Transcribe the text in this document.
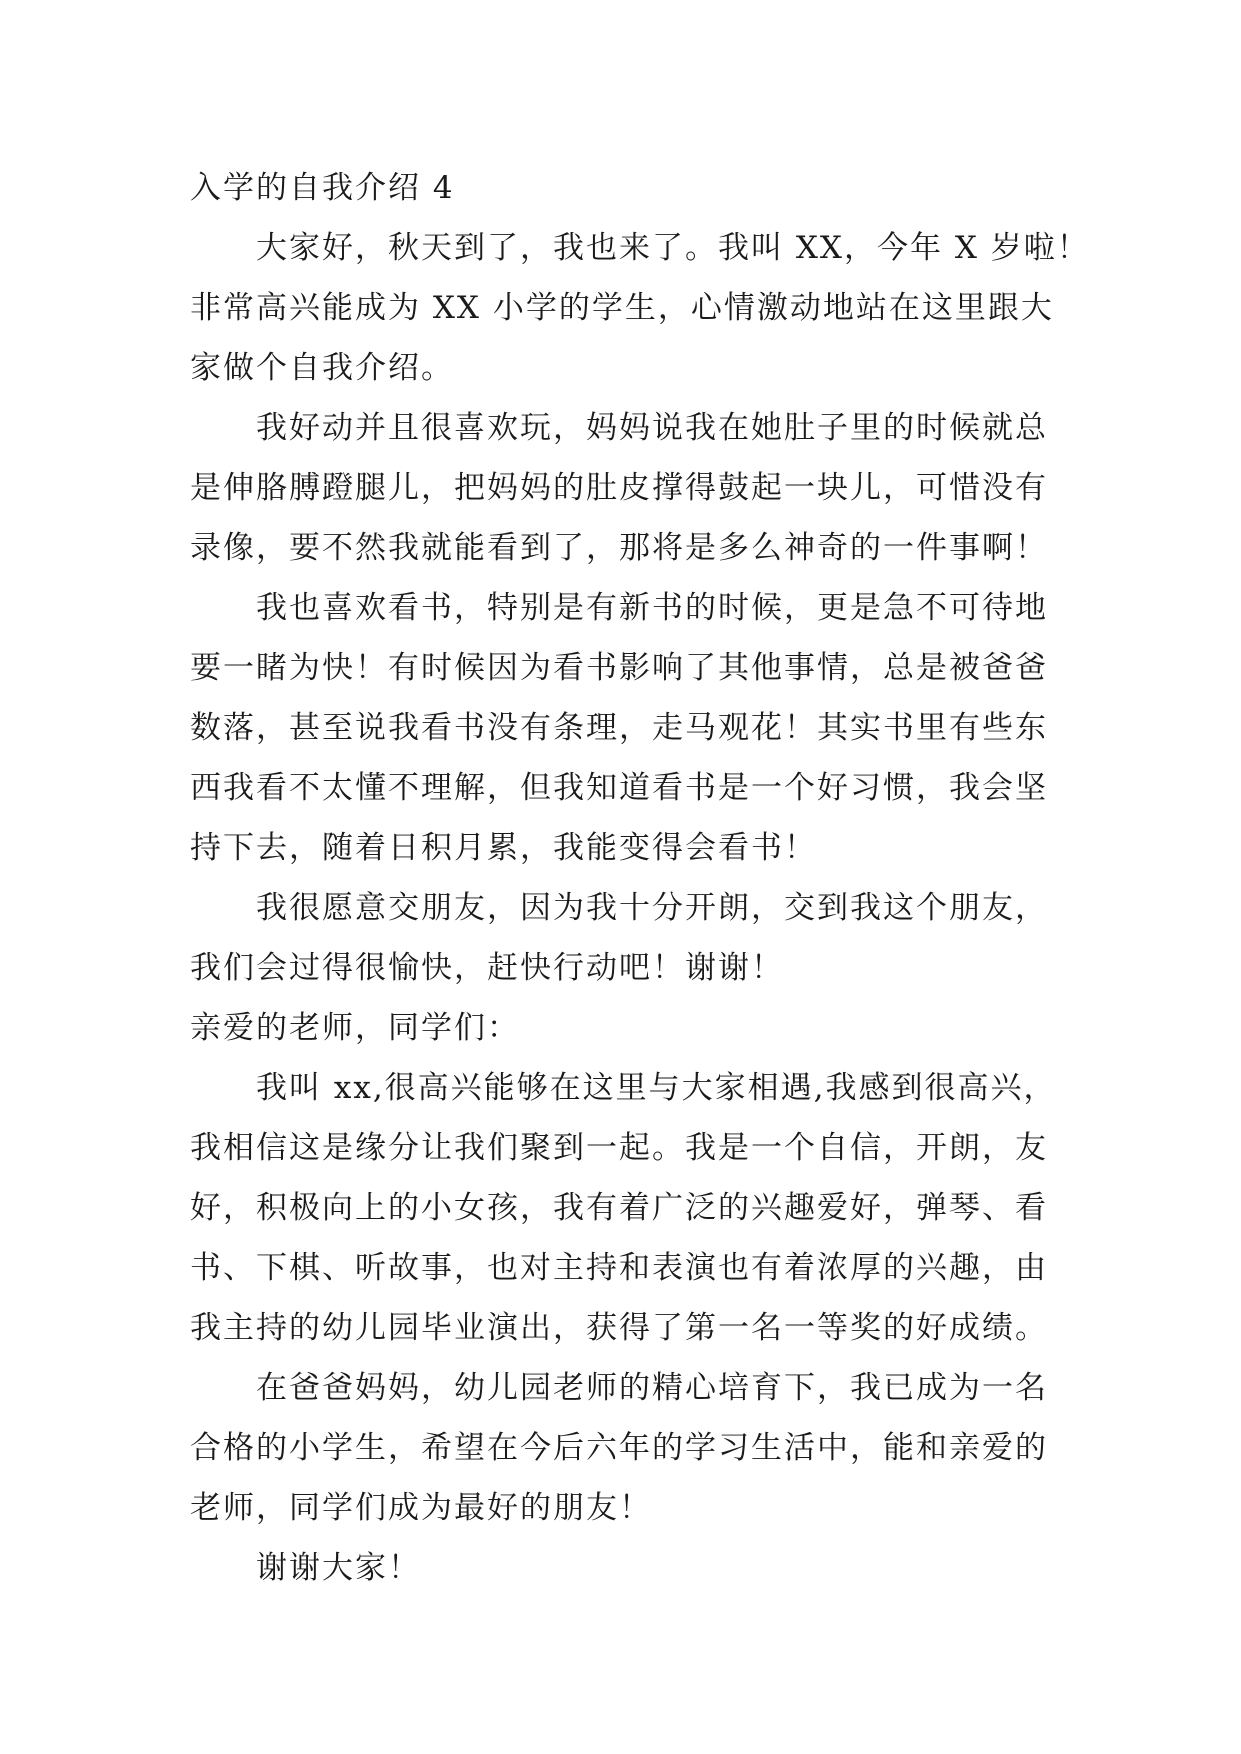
入学的自我介绍 4
大家好，秋天到了，我也来了。我叫 XX，今年 X 岁啦！
非常高兴能成为 XX 小学的学生，心情激动地站在这里跟大
家做个自我介绍。
我好动并且很喜欢玩，妈妈说我在她肚子里的时候就总
是伸胳膊蹬腿儿，把妈妈的肚皮撑得鼓起一块儿，可惜没有
录像，要不然我就能看到了，那将是多么神奇的一件事啊！
我也喜欢看书，特别是有新书的时候，更是急不可待地
要一睹为快！有时候因为看书影响了其他事情，总是被爸爸
数落，甚至说我看书没有条理，走马观花！其实书里有些东
西我看不太懂不理解，但我知道看书是一个好习惯，我会坚
持下去，随着日积月累，我能变得会看书！
我很愿意交朋友，因为我十分开朗，交到我这个朋友，
我们会过得很愉快，赶快行动吧！谢谢！
亲爱的老师，同学们：
我叫 xx,很高兴能够在这里与大家相遇,我感到很高兴，
我相信这是缘分让我们聚到一起。我是一个自信，开朗，友
好，积极向上的小女孩，我有着广泛的兴趣爱好，弹琴、看
书、下棋、听故事，也对主持和表演也有着浓厚的兴趣，由
我主持的幼儿园毕业演出，获得了第一名一等奖的好成绩。
在爸爸妈妈，幼儿园老师的精心培育下，我已成为一名
合格的小学生，希望在今后六年的学习生活中，能和亲爱的
老师，同学们成为最好的朋友！
谢谢大家！
